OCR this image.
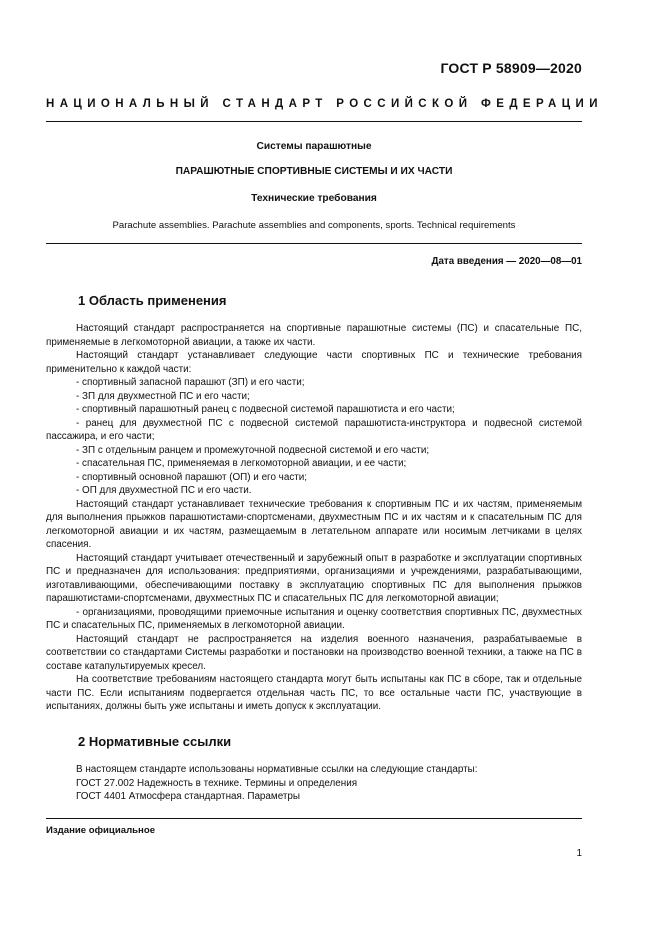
ГОСТ Р 58909—2020
НАЦИОНАЛЬНЫЙ СТАНДАРТ РОССИЙСКОЙ ФЕДЕРАЦИИ
Системы парашютные
ПАРАШЮТНЫЕ СПОРТИВНЫЕ СИСТЕМЫ И ИХ ЧАСТИ
Технические требования
Parachute assemblies. Parachute assemblies and components, sports. Technical requirements
Дата введения — 2020—08—01
1 Область применения

Настоящий стандарт распространяется на спортивные парашютные системы (ПС) и спасательные ПС, применяемые в легкомоторной авиации, а также их части.

Настоящий стандарт устанавливает следующие части спортивных ПС и технические требования применительно к каждой части:

- спортивный запасной парашют (ЗП) и его части;

- ЗП для двухместной ПС и его части;

- спортивный парашютный ранец с подвесной системой парашютиста и его части;

- ранец для двухместной ПС с подвесной системой парашютиста-инструктора и подвесной системой пассажира, и его части;

- ЗП с отдельным ранцем и промежуточной подвесной системой и его части;

- спасательная ПС, применяемая в легкомоторной авиации, и ее части;

- спортивный основной парашют (ОП) и его части;

- ОП для двухместной ПС и его части.

Настоящий стандарт устанавливает технические требования к спортивным ПС и их частям, применяемым для выполнения прыжков парашютистами-спортсменами, двухместным ПС и их частям и к спасательным ПС для легкомоторной авиации и их частям, размещаемым в летательном аппарате или носимым летчиками в целях спасения.

Настоящий стандарт учитывает отечественный и зарубежный опыт в разработке и эксплуатации спортивных ПС и предназначен для использования: предприятиями, организациями и учреждениями, разрабатывающими, изготавливающими, обеспечивающими поставку в эксплуатацию спортивных ПС для выполнения прыжков парашютистами-спортсменами, двухместных ПС и спасательных ПС для легкомоторной авиации;

- организациями, проводящими приемочные испытания и оценку соответствия спортивных ПС, двухместных ПС и спасательных ПС, применяемых в легкомоторной авиации.

Настоящий стандарт не распространяется на изделия военного назначения, разрабатываемые в соответствии со стандартами Системы разработки и постановки на производство военной техники, а также на ПС в составе катапультируемых кресел.

На соответствие требованиям настоящего стандарта могут быть испытаны как ПС в сборе, так и отдельные части ПС. Если испытаниям подвергается отдельная часть ПС, то все остальные части ПС, участвующие в испытаниях, должны быть уже испытаны и иметь допуск к эксплуатации.

2 Нормативные ссылки

В настоящем стандарте использованы нормативные ссылки на следующие стандарты:

ГОСТ 27.002 Надежность в технике. Термины и определения

ГОСТ 4401 Атмосфера стандартная. Параметры

Издание официальное
1
